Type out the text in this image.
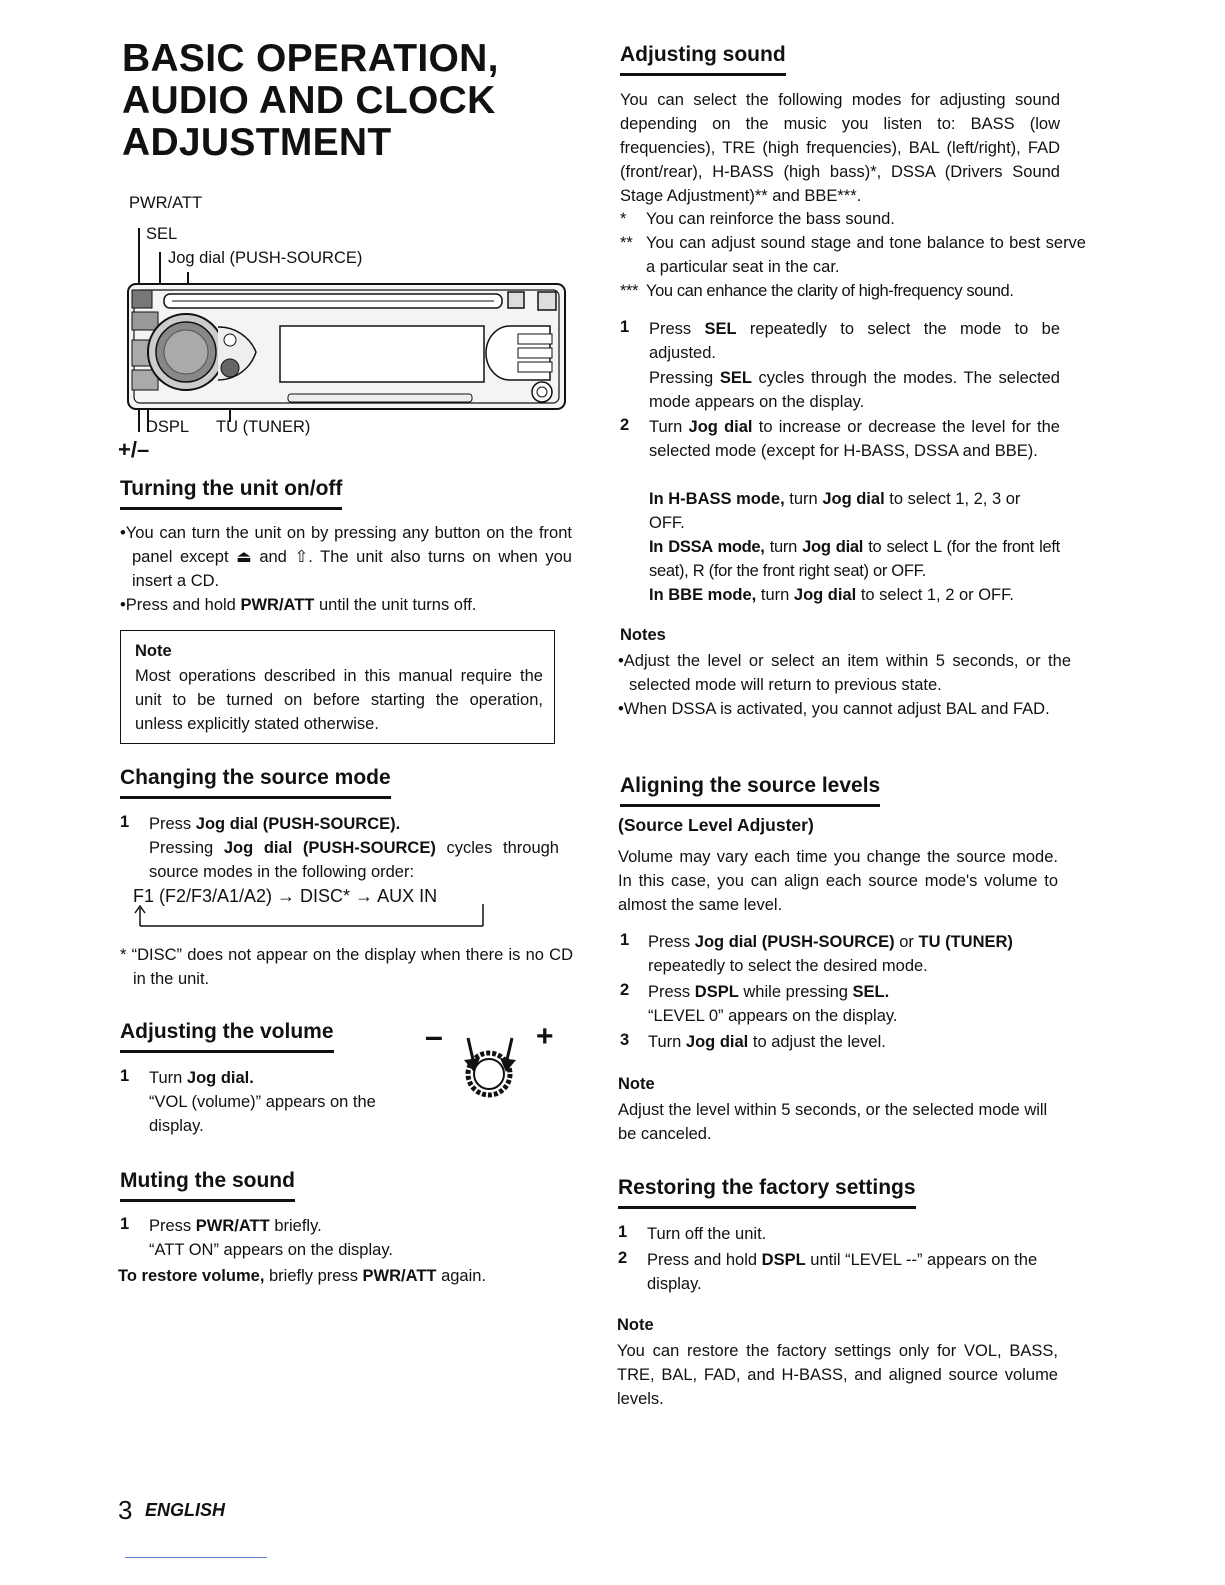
BASIC OPERATION,
AUDIO AND CLOCK
ADJUSTMENT
PWR/ATT
SEL
Jog dial (PUSH-SOURCE)
DSPL TU (TUNER)
+/–
Turning the unit on/off
• You can turn the unit on by pressing any button on the front panel except ⏏ and ⇧. The unit also turns on when you insert a CD.
• Press and hold PWR/ATT until the unit turns off.
Note
Most operations described in this manual require the unit to be turned on before starting the operation, unless explicitly stated otherwise.
Changing the source mode
1 Press Jog dial (PUSH-SOURCE).
Pressing Jog dial (PUSH-SOURCE) cycles through source modes in the following order:
F1 (F2/F3/A1/A2) → DISC* → AUX IN
* “DISC” does not appear on the display when there is no CD in the unit.
Adjusting the volume
1 Turn Jog dial.
“VOL (volume)” appears on the display.
–	+
Muting the sound
1 Press PWR/ATT briefly.
“ATT ON” appears on the display.
To restore volume, briefly press PWR/ATT again.
Adjusting sound
You can select the following modes for adjusting sound depending on the music you listen to: BASS (low frequencies), TRE (high frequencies), BAL (left/right), FAD (front/rear), H-BASS (high bass)*, DSSA (Drivers Sound Stage Adjustment)** and BBE***.
* You can reinforce the bass sound.
** You can adjust sound stage and tone balance to best serve a particular seat in the car.
*** You can enhance the clarity of high-frequency sound.
1 Press SEL repeatedly to select the mode to be adjusted.
Pressing SEL cycles through the modes. The selected mode appears on the display.
2 Turn Jog dial to increase or decrease the level for the selected mode (except for H-BASS, DSSA and BBE).
In H-BASS mode, turn Jog dial to select 1, 2, 3 or OFF.
In DSSA mode, turn Jog dial to select L (for the front left seat), R (for the front right seat) or OFF.
In BBE mode, turn Jog dial to select 1, 2 or OFF.
Notes
• Adjust the level or select an item within 5 seconds, or the selected mode will return to previous state.
• When DSSA is activated, you cannot adjust BAL and FAD.
Aligning the source levels
(Source Level Adjuster)
Volume may vary each time you change the source mode. In this case, you can align each source mode's volume to almost the same level.
1 Press Jog dial (PUSH-SOURCE) or TU (TUNER) repeatedly to select the desired mode.
2 Press DSPL while pressing SEL.
“LEVEL 0” appears on the display.
3 Turn Jog dial to adjust the level.
Note
Adjust the level within 5 seconds, or the selected mode will be canceled.
Restoring the factory settings
1 Turn off the unit.
2 Press and hold DSPL until “LEVEL --” appears on the display.
Note
You can restore the factory settings only for VOL, BASS, TRE, BAL, FAD, and H-BASS, and aligned source volume levels.
3 ENGLISH
